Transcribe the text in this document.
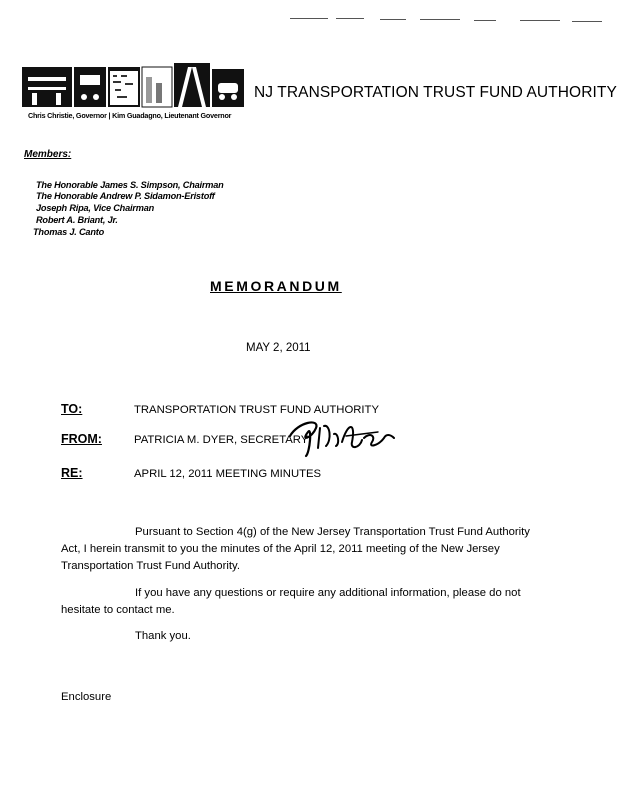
NJ TRANSPORTATION TRUST FUND AUTHORITY
Chris Christie, Governor | Kim Guadagno, Lieutenant Governor
Members:
The Honorable James S. Simpson, Chairman
The Honorable Andrew P. Sidamon-Eristoff
Joseph Ripa, Vice Chairman
Robert A. Briant, Jr.
Thomas J. Canto
MEMORANDUM
MAY 2, 2011
TO:	TRANSPORTATION TRUST FUND AUTHORITY
FROM:	PATRICIA M. DYER, SECRETARY
RE:	APRIL 12, 2011 MEETING MINUTES

Pursuant to Section 4(g) of the New Jersey Transportation Trust Fund Authority

Act, I herein transmit to you the minutes of the April 12, 2011 meeting of the New Jersey

Transportation Trust Fund Authority.

If you have any questions or require any additional information, please do not

hesitate to contact me.

Thank you.
Enclosure
